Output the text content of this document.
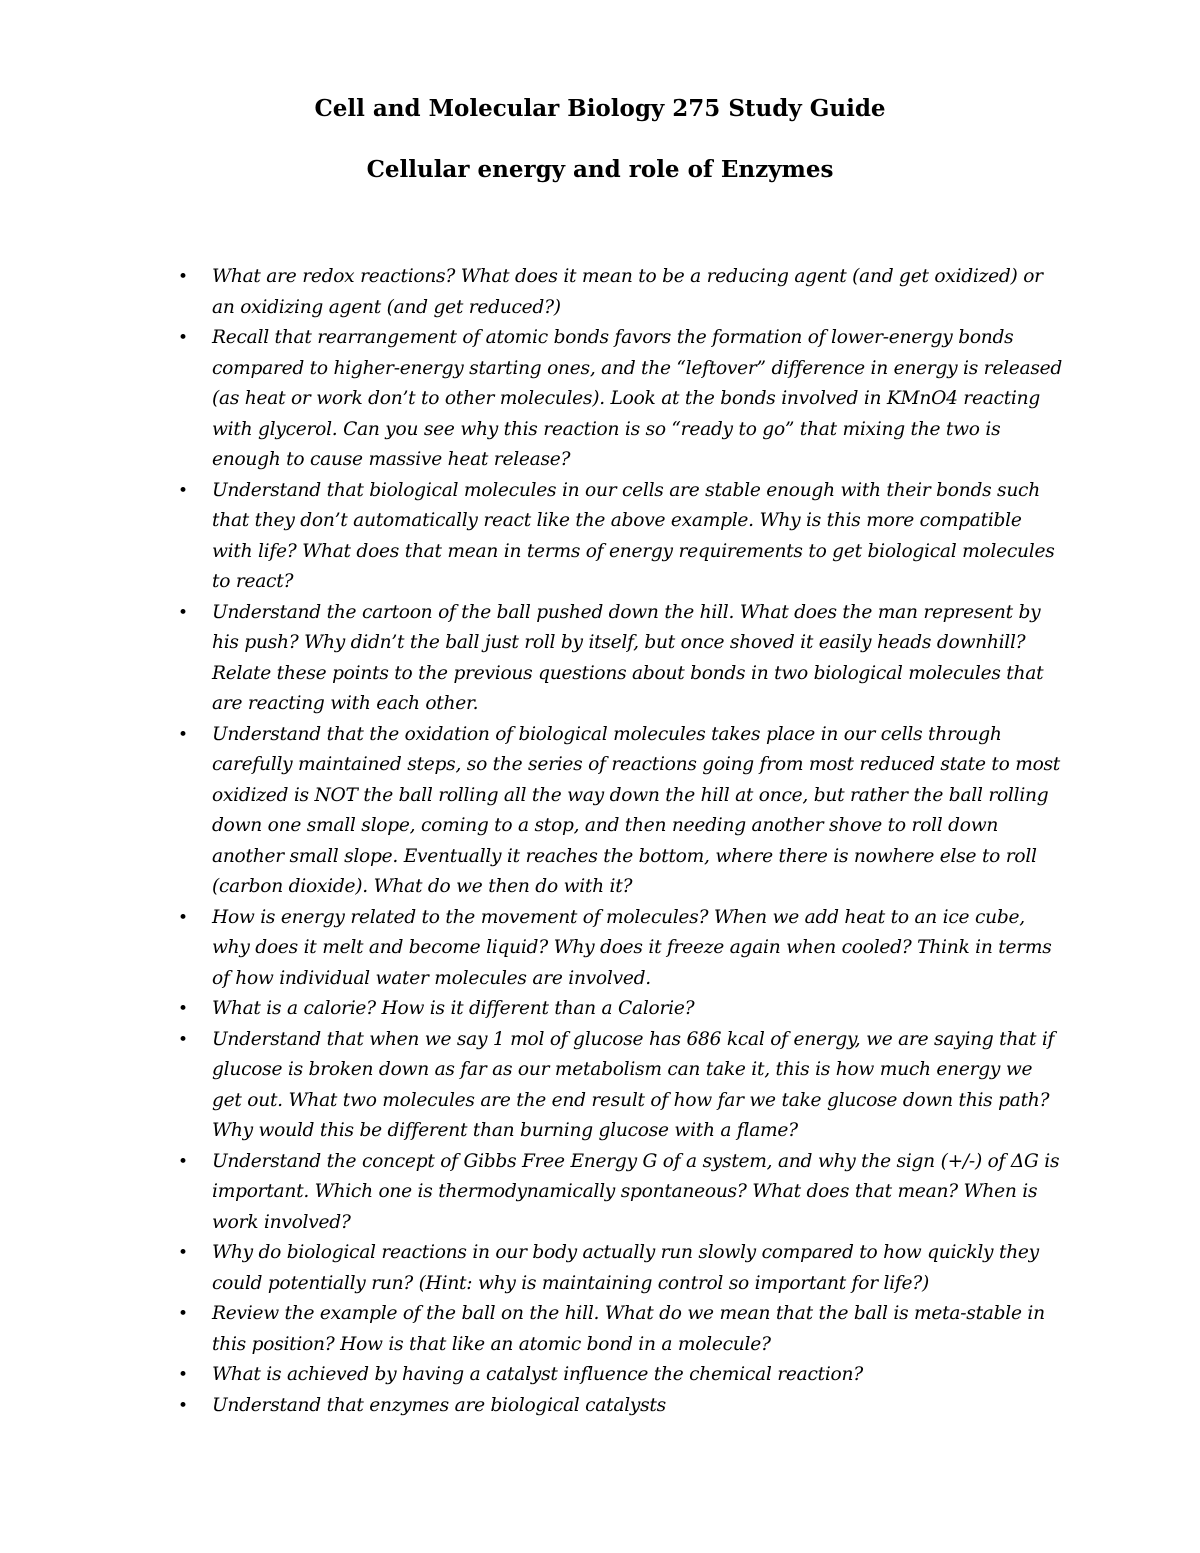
Cell and Molecular Biology 275 Study Guide
Cellular energy and role of Enzymes
• What are redox reactions? What does it mean to be a reducing agent (and get oxidized) or an oxidizing agent (and get reduced?)
• Recall that rearrangement of atomic bonds favors the formation of lower-energy bonds compared to higher-energy starting ones, and the “leftover” difference in energy is released (as heat or work don’t to other molecules). Look at the bonds involved in KMnO4 reacting with glycerol. Can you see why this reaction is so “ready to go” that mixing the two is enough to cause massive heat release?
• Understand that biological molecules in our cells are stable enough with their bonds such that they don’t automatically react like the above example. Why is this more compatible with life? What does that mean in terms of energy requirements to get biological molecules to react?
• Understand the cartoon of the ball pushed down the hill. What does the man represent by his push? Why didn’t the ball just roll by itself, but once shoved it easily heads downhill? Relate these points to the previous questions about bonds in two biological molecules that are reacting with each other.
• Understand that the oxidation of biological molecules takes place in our cells through carefully maintained steps, so the series of reactions going from most reduced state to most oxidized is NOT the ball rolling all the way down the hill at once, but rather the ball rolling down one small slope, coming to a stop, and then needing another shove to roll down another small slope. Eventually it reaches the bottom, where there is nowhere else to roll (carbon dioxide). What do we then do with it?
• How is energy related to the movement of molecules? When we add heat to an ice cube, why does it melt and become liquid? Why does it freeze again when cooled? Think in terms of how individual water molecules are involved.
• What is a calorie? How is it different than a Calorie?
• Understand that when we say 1 mol of glucose has 686 kcal of energy, we are saying that if glucose is broken down as far as our metabolism can take it, this is how much energy we get out. What two molecules are the end result of how far we take glucose down this path? Why would this be different than burning glucose with a flame?
• Understand the concept of Gibbs Free Energy G of a system, and why the sign (+/-) of ΔG is important. Which one is thermodynamically spontaneous? What does that mean? When is work involved?
• Why do biological reactions in our body actually run slowly compared to how quickly they could potentially run? (Hint: why is maintaining control so important for life?)
• Review the example of the ball on the hill. What do we mean that the ball is meta-stable in this position? How is that like an atomic bond in a molecule?
• What is achieved by having a catalyst influence the chemical reaction?
• Understand that enzymes are biological catalysts
